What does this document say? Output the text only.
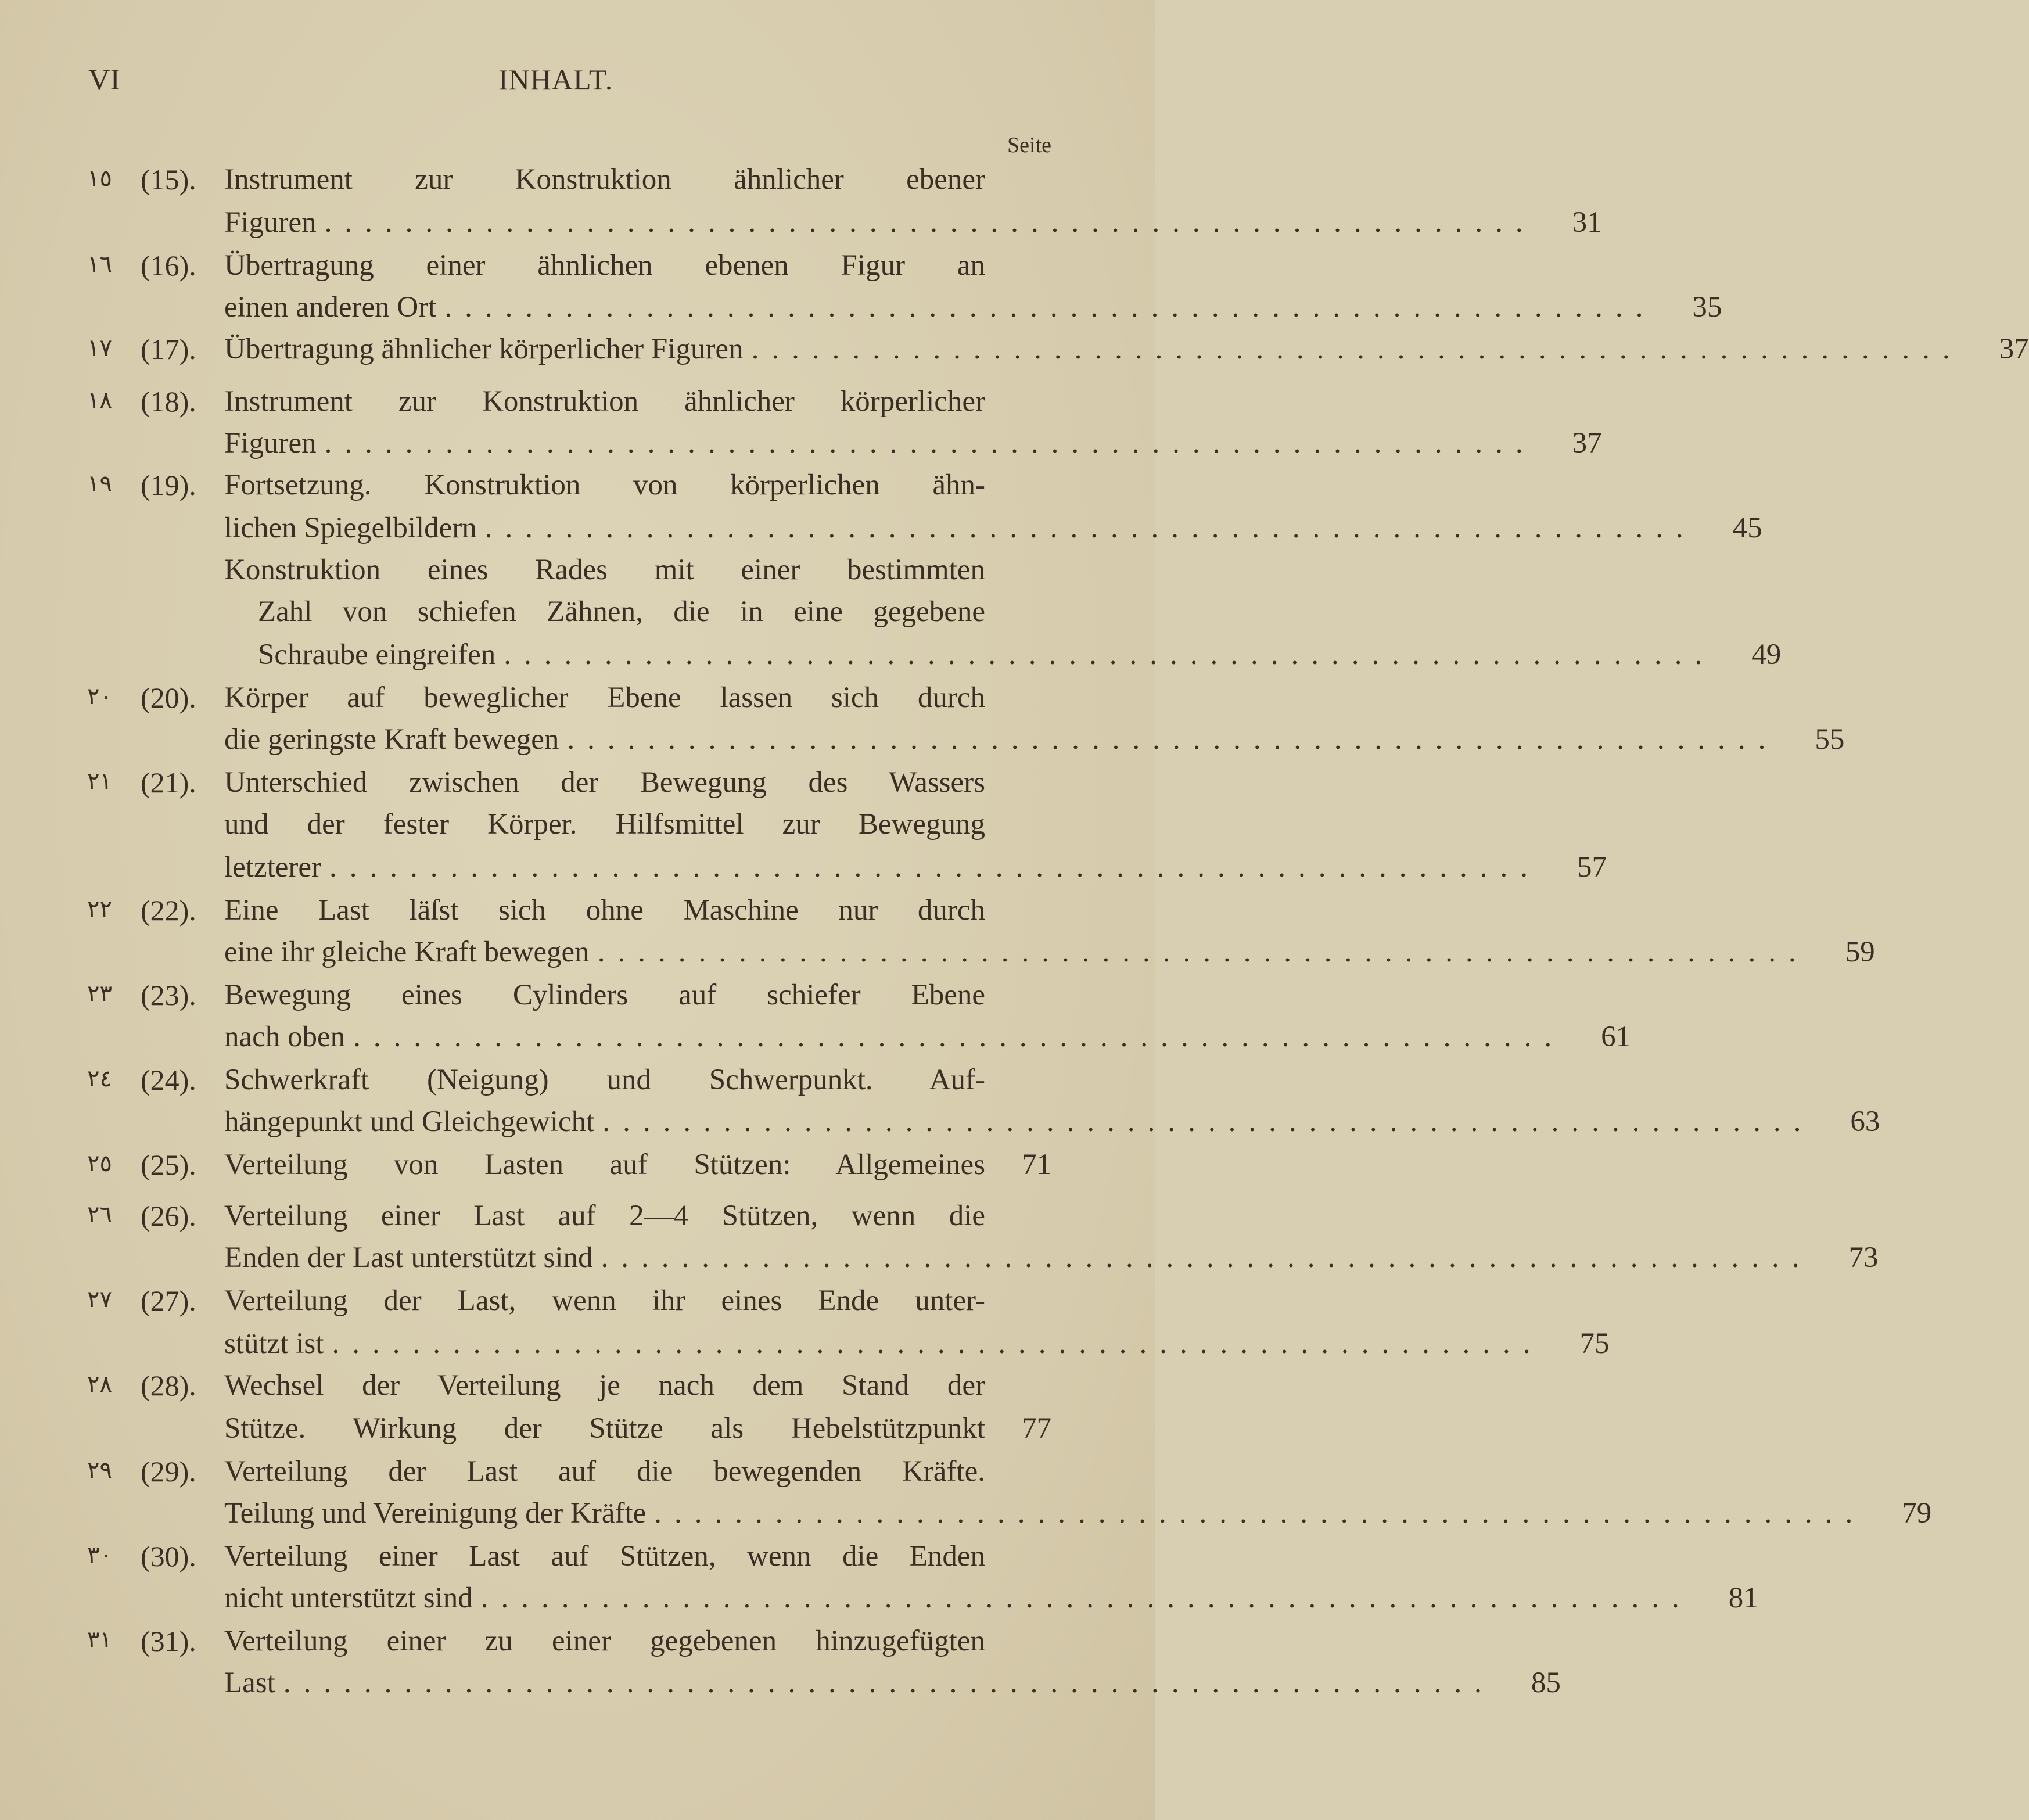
VI	INHALT.
Seite
١٥ (15). Instrument zur Konstruktion ähnlicher ebener
Figuren ............................................................	31
١٦ (16). Übertragung einer ähnlichen ebenen Figur an
einen anderen Ort ............................................................	35
١٧ (17). Übertragung ähnlicher körperlicher Figuren ............................................................	37
١٨ (18). Instrument zur Konstruktion ähnlicher körperlicher
Figuren ............................................................	37
١٩ (19). Fortsetzung. Konstruktion von körperlichen ähn-
lichen Spiegelbildern ............................................................	45
Konstruktion eines Rades mit einer bestimmten
Zahl von schiefen Zähnen, die in eine gegebene
Schraube eingreifen ............................................................	49
٢٠ (20). Körper auf beweglicher Ebene lassen sich durch
die geringste Kraft bewegen ............................................................	55
٢١ (21). Unterschied zwischen der Bewegung des Wassers
und der fester Körper. Hilfsmittel zur Bewegung
letzterer ............................................................	57
٢٢ (22). Eine Last läſst sich ohne Maschine nur durch
eine ihr gleiche Kraft bewegen ............................................................	59
٢٣ (23). Bewegung eines Cylinders auf schiefer Ebene
nach oben ............................................................	61
٢٤ (24). Schwerkraft (Neigung) und Schwerpunkt. Auf-
hängepunkt und Gleichgewicht ............................................................	63
٢٥ (25). Verteilung von Lasten auf Stützen: Allgemeines	71
٢٦ (26). Verteilung einer Last auf 2—4 Stützen, wenn die
Enden der Last unterstützt sind ............................................................	73
٢٧ (27). Verteilung der Last, wenn ihr eines Ende unter-
stützt ist ............................................................	75
٢٨ (28). Wechsel der Verteilung je nach dem Stand der
Stütze. Wirkung der Stütze als Hebelstützpunkt	77
٢٩ (29). Verteilung der Last auf die bewegenden Kräfte.
Teilung und Vereinigung der Kräfte ............................................................	79
٣٠ (30). Verteilung einer Last auf Stützen, wenn die Enden
nicht unterstützt sind ............................................................	81
٣١ (31). Verteilung einer zu einer gegebenen hinzugefügten
Last ............................................................	85
